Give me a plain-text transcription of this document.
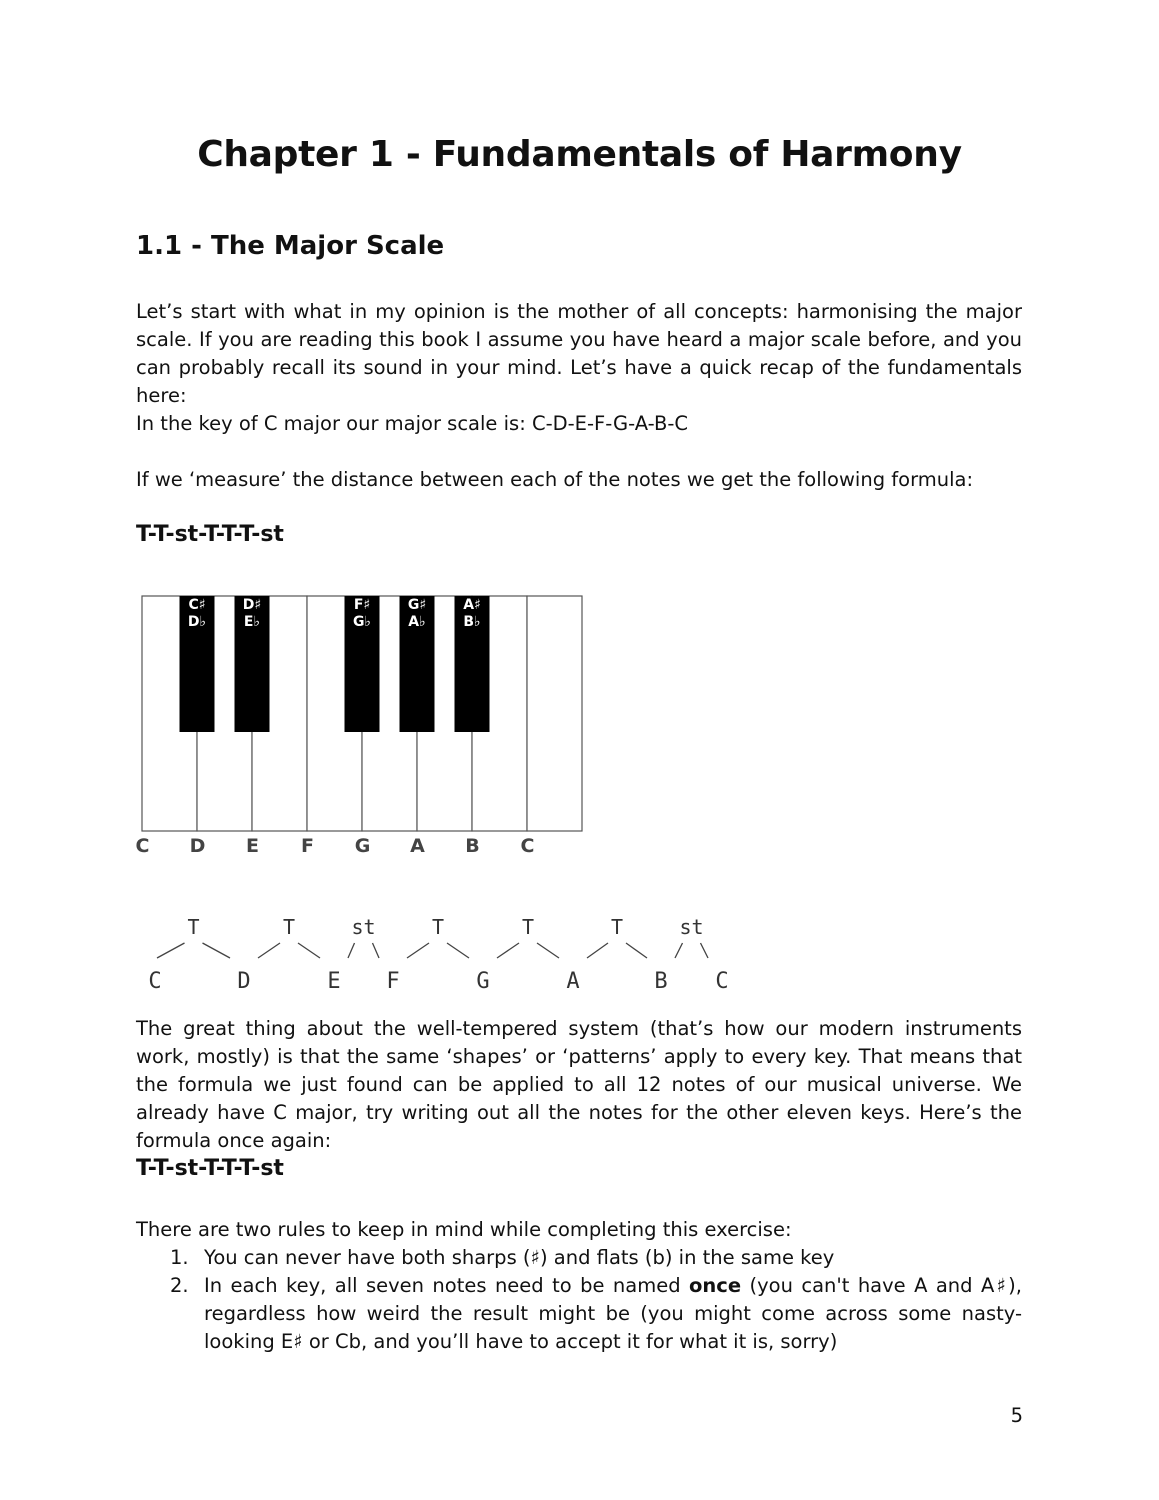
Chapter 1 - Fundamentals of Harmony
1.1 - The Major Scale

Let’s start with what in my opinion is the mother of all concepts: harmonising the major scale. If you are reading this book I assume you have heard a major scale before, and you can probably recall its sound in your mind. Let’s have a quick recap of the fundamentals here:

In the key of C major our major scale is: C-D-E-F-G-A-B-C

If we ‘measure’ the distance between each of the notes we get the following formula:

T-T-st-T-T-T-st

C D E F G A B C
C♯
D♭
D♯
E♭
F♯
G♭
G♯
A♭
A♯
B♭
C	D	E F	G	A	B C
T	T	st	T	T	T	st

The great thing about the well-tempered system (that’s how our modern instruments work, mostly) is that the same ‘shapes’ or ‘patterns’ apply to every key. That means that the formula we just found can be applied to all 12 notes of our musical universe. We already have C major, try writing out all the notes for the other eleven keys. Here’s the formula once again:

T-T-st-T-T-T-st

There are two rules to keep in mind while completing this exercise:

1. You can never have both sharps (♯) and flats (b) in the same key
2. In each key, all seven notes need to be named once (you can't have A and A♯), regardless how weird the result might be (you might come across some nasty-looking E♯ or Cb, and you’ll have to accept it for what it is, sorry)

5
